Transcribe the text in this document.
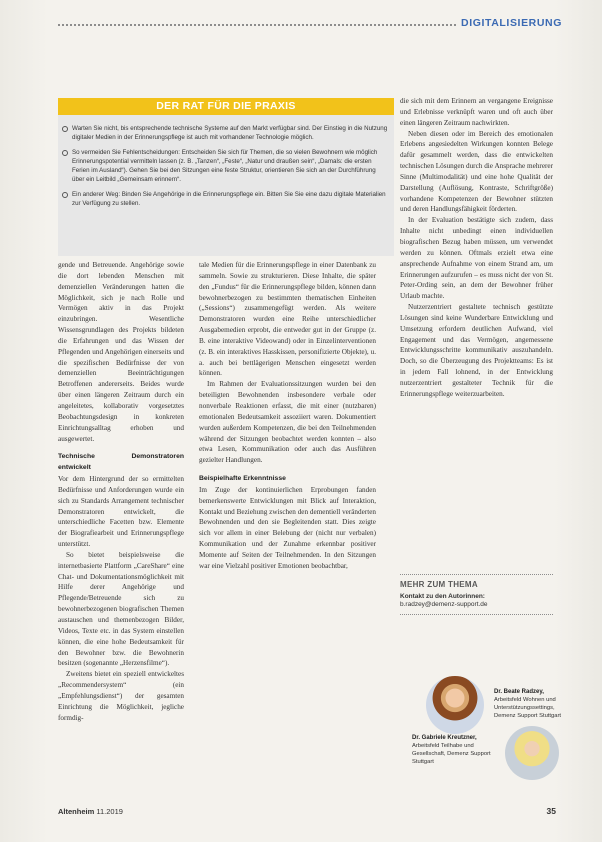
DIGITALISIERUNG
DER RAT FÜR DIE PRAXIS
Warten Sie nicht, bis entsprechende technische Systeme auf den Markt verfügbar sind. Der Einstieg in die Nutzung digitaler Medien in der Erinnerungspflege ist auch mit vorhandener Technologie möglich.
So vermeiden Sie Fehlentscheidungen: Entscheiden Sie sich für Themen, die so vielen Bewohnern wie möglich Erinnerungspotential vermitteln lassen (z. B. „Tanzen“, „Feste“, „Natur und draußen sein“, „Damals: die ersten Ferien im Ausland“). Gehen Sie bei den Sitzungen eine feste Struktur, orientieren Sie sich an der Durchführung über ein Leitbild „Gemeinsam erinnern“.
Ein anderer Weg: Binden Sie Angehörige in die Erinnerungspflege ein. Bitten Sie Sie eine dazu digitale Materialien zur Verfügung zu stellen.

gende und Betreuende. Angehörige sowie die dort lebenden Menschen mit demenziellen Veränderungen hatten die Möglichkeit, sich je nach Rolle und Vermögen aktiv in das Projekt einzubringen. Wesentliche Wissensgrundlagen des Projekts bildeten die Erfahrungen und das Wissen der Pflegenden und Angehörigen einerseits und die spezifischen Bedürfnisse der von demenziellen Beeinträchtigungen Betroffenen andererseits. Beides wurde über einen längeren Zeitraum durch ein angeleitetes, kollaborativ vorgesetztes Beobachtungsdesign in konkreten Einrichtungsalltag erhoben und ausgewertet.

Technische Demonstratoren entwickelt

Vor dem Hintergrund der so ermittelten Bedürfnisse und Anforderungen wurde ein sich zu Standards Arrangement technischer Demonstratoren entwickelt, die unterschiedliche Facetten bzw. Elemente der Biografiearbeit und Erinnerungspflege unterstützt.

So bietet beispielsweise die internetbasierte Plattform „CareShare“ eine Chat- und Dokumentationsmöglichkeit mit Hilfe derer Angehörige und Pflegende/Betreuende sich zu bewohnerbezogenen biografischen Themen austauschen und themenbezogen Bilder, Videos, Texte etc. in das System einstellen können, die eine hohe Bedeutsamkeit für den Bewohner bzw. die Bewohnerin besitzen (sogenannte „Herzensfilme“).

Zweitens bietet ein speziell entwickeltes „Recommendersystem“ (ein „Empfehlungsdienst“) der gesamten Einrichtung die Möglichkeit, jegliche formdig-

tale Medien für die Erinnerungspflege in einer Datenbank zu sammeln. Sowie zu strukturieren. Diese Inhalte, die später den „Fundus“ für die Erinnerungspflege bilden, können dann bewohnerbezogen zu bestimmten thematischen Einheiten („Sessions“) zusammengefügt werden. Als weitere Demonstratoren wurden eine Reihe unterschiedlicher Ausgabemedien erprobt, die entweder gut in der Gruppe (z. B. eine interaktive Videowand) oder in Einzelinterventionen (z. B. ein interaktives Hasskissen, personifizierte Objekte), u. a. auch bei bettlägerigen Menschen eingesetzt werden können.

Im Rahmen der Evaluationssitzungen wurden bei den beteiligten Bewohnenden insbesondere verbale oder nonverbale Reaktionen erfasst, die mit einer (nutzbaren) emotionalen Bedeutsamkeit assoziiert waren. Dokumentiert wurden außerdem Kompetenzen, die bei den Teilnehmenden während der Sitzungen beobachtet werden konnten – also etwa Lesen, Kommunikation oder auch das Ausführen gezielter Handlungen.

Beispielhafte Erkenntnisse

Im Zuge der kontinuierlichen Erprobungen fanden bemerkenswerte Entwicklungen mit Blick auf Interaktion, Kontakt und Beziehung zwischen den dementiell veränderten Bewohnenden und den sie Begleitenden statt. Dies zeigte sich vor allem in einer Belebung der (nicht nur verbalen) Kommunikation und der Zunahme erkennbar positiver Momente auf Seiten der Teilnehmenden. In den Sitzungen war eine Vielzahl positiver Emotionen beobachtbar,

die sich mit dem Erinnern an vergangene Ereignisse und Erlebnisse verknüpft waren und oft auch über einen längeren Zeitraum nachwirkten.

Neben diesen oder im Bereich des emotionalen Erlebens angesiedelten Wirkungen konnten Belege dafür gesammelt werden, dass die entwickelten technischen Lösungen durch die Ansprache mehrerer Sinne (Multimodalität) und eine hohe Qualität der Darstellung (Auflösung, Kontraste, Schriftgröße) vorhandene Kompetenzen der Bewohner stützten und deren Handlungsfähigkeit förderten.

In der Evaluation bestätigte sich zudem, dass Inhalte nicht unbedingt einen individuellen biografischen Bezug haben müssen, um verwendet werden zu können. Oftmals erzielt etwa eine ansprechende Aufnahme von einem Strand am, um Erinnerungen aufzurufen – es muss nicht der von St. Peter-Ording sein, an dem der Bewohner früher Urlaub machte.

Nutzerzentriert gestaltete technisch gestützte Lösungen sind keine Wunderbare Entwicklung und Umsetzung erfordern deutlichen Aufwand, viel Engagement und das Vermögen, angemessene Entwicklungsschritte kommunikativ auszuhandeln. Doch, so die Überzeugung des Projektteams: Es ist in jedem Fall lohnend, in der Entwicklung nutzerzentriert gestalteter Technik für die Erinnerungspflege weiterzuarbeiten.

MEHR ZUM THEMA
Kontakt zu den Autorinnen:
b.radzey@demenz-support.de
Dr. Beate Radzey,
Arbeitsfeld Wohnen und Unterstützungssettings, Demenz Support Stuttgart
Dr. Gabriele Kreutzner,
Arbeitsfeld Teilhabe und Gesellschaft, Demenz Support Stuttgart
Altenheim 11.2019	35
